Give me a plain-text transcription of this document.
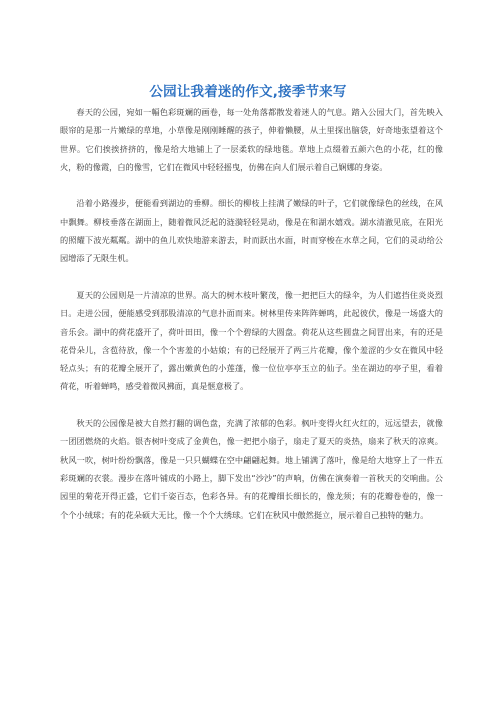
公园让我着迷的作文,接季节来写

春天的公园，宛如一幅色彩斑斓的画卷，每一处角落都散发着迷人的气息。踏入公园大门，首先映入眼帘的是那一片嫩绿的草地，小草像是刚刚睡醒的孩子，伸着懒腰，从土里探出脑袋，好奇地张望着这个世界。它们挨挨挤挤的，像是给大地铺上了一层柔软的绿地毯。草地上点缀着五颜六色的小花，红的像火，粉的像霞，白的像雪，它们在微风中轻轻摇曳，仿佛在向人们展示着自己娴娜的身姿。

沿着小路漫步，便能看到湖边的垂柳。细长的柳枝上挂满了嫩绿的叶子，它们就像绿色的丝线，在风中飘舞。柳枝垂落在湖面上，随着微风泛起的涟漪轻轻晃动，像是在和湖水嬉戏。湖水清澈见底，在阳光的照耀下波光粼粼。湖中的鱼儿欢快地游来游去，时而跃出水面，时而穿梭在水草之间，它们的灵动给公园增添了无限生机。

夏天的公园则是一片清凉的世界。高大的树木枝叶繁茂，像一把把巨大的绿伞，为人们遮挡住炎炎烈日。走进公园，便能感受到那股清凉的气息扑面而来。树林里传来阵阵蝉鸣，此起彼伏，像是一场盛大的音乐会。湖中的荷花盛开了，荷叶田田，像一个个碧绿的大圆盘。荷花从这些圆盘之间冒出来，有的还是花骨朵儿，含苞待放，像一个个害羞的小姑娘；有的已经展开了两三片花瓣，像个羞涩的少女在微风中轻轻点头；有的花瓣全展开了，露出嫩黄色的小莲蓬，像一位位亭亭玉立的仙子。坐在湖边的亭子里，看着荷花，听着蝉鸣，感受着微风拂面，真是惬意极了。

秋天的公园像是被大自然打翻的调色盘，充满了浓郁的色彩。枫叶变得火红火红的，远远望去，就像一团团燃烧的火焰。银杏树叶变成了金黄色，像一把把小扇子，扇走了夏天的炎热，扇来了秋天的凉爽。秋风一吹，树叶纷纷飘落，像是一只只蝴蝶在空中翩翩起舞。地上铺满了落叶，像是给大地穿上了一件五彩斑斓的衣裳。漫步在落叶铺成的小路上，脚下发出“沙沙”的声响，仿佛在演奏着一首秋天的交响曲。公园里的菊花开得正盛，它们千姿百态，色彩各异。有的花瓣细长细长的，像龙须；有的花瓣卷卷的，像一个个小绒球；有的花朵硕大无比，像一个个大绣球。它们在秋风中傲然挺立，展示着自己独特的魅力。
